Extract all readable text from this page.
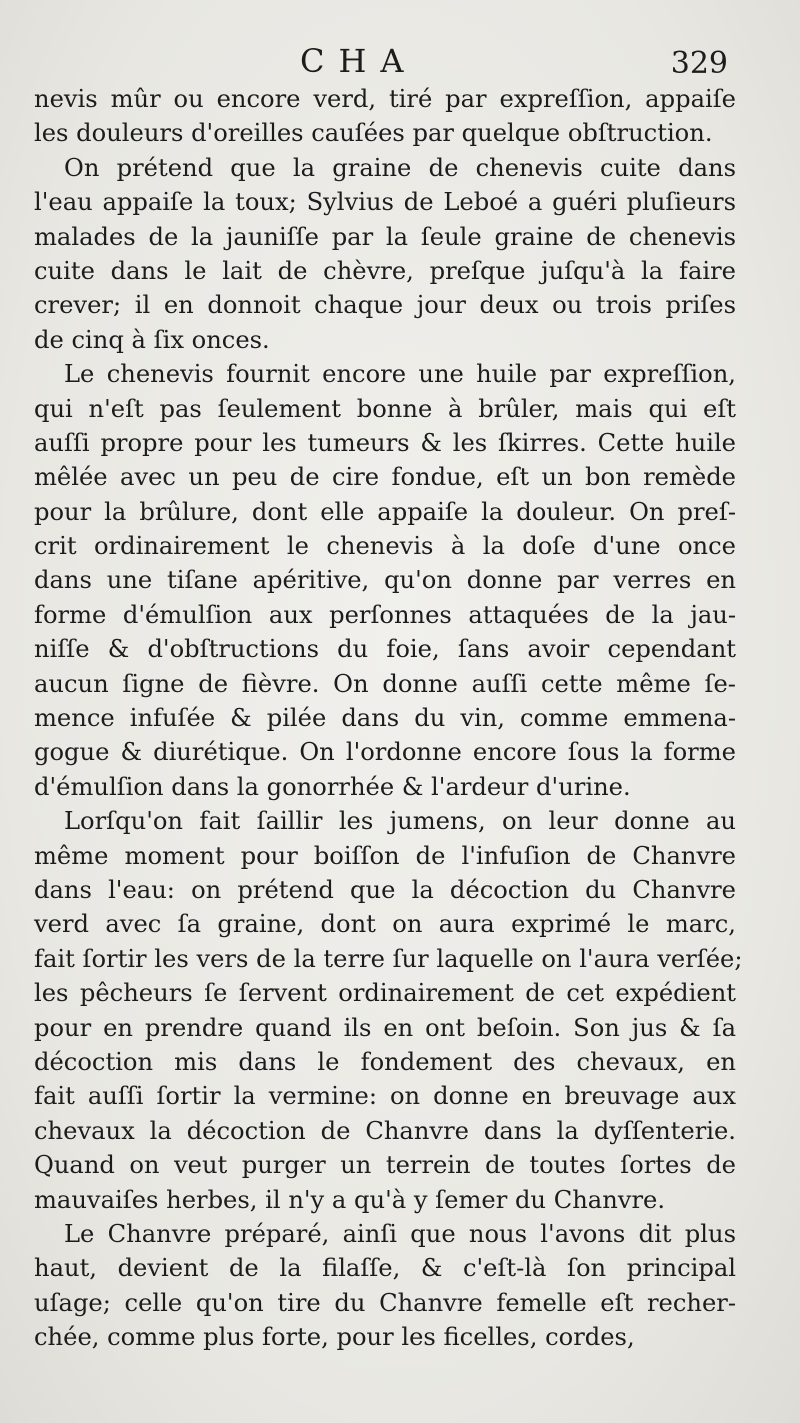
CHA	329
nevis mûr ou encore verd, tiré par expreſſion, appaiſe
les douleurs d'oreilles cauſées par quelque obſtruction.
On prétend que la graine de chenevis cuite dans
l'eau appaiſe la toux; Sylvius de Leboé a guéri pluſieurs
malades de la jauniſſe par la ſeule graine de chenevis
cuite dans le lait de chèvre, preſque juſqu'à la faire
crever; il en donnoit chaque jour deux ou trois priſes
de cinq à ſix onces.
Le chenevis fournit encore une huile par expreſſion,
qui n'eſt pas ſeulement bonne à brûler, mais qui eſt
auſſi propre pour les tumeurs & les ſkirres. Cette huile
mêlée avec un peu de cire fondue, eſt un bon remède
pour la brûlure, dont elle appaiſe la douleur. On preſ-
crit ordinairement le chenevis à la doſe d'une once
dans une tiſane apéritive, qu'on donne par verres en
forme d'émulſion aux perſonnes attaquées de la jau-
niſſe & d'obſtructions du foie, ſans avoir cependant
aucun ſigne de fièvre. On donne auſſi cette même ſe-
mence infuſée & pilée dans du vin, comme emmena-
gogue & diurétique. On l'ordonne encore ſous la forme
d'émulſion dans la gonorrhée & l'ardeur d'urine.
Lorſqu'on fait ſaillir les jumens, on leur donne au
même moment pour boiſſon de l'infuſion de Chanvre
dans l'eau: on prétend que la décoction du Chanvre
verd avec ſa graine, dont on aura exprimé le marc,
fait ſortir les vers de la terre ſur laquelle on l'aura verſée;
les pêcheurs ſe ſervent ordinairement de cet expédient
pour en prendre quand ils en ont beſoin. Son jus & ſa
décoction mis dans le fondement des chevaux, en
fait auſſi ſortir la vermine: on donne en breuvage aux
chevaux la décoction de Chanvre dans la dyſſenterie.
Quand on veut purger un terrein de toutes ſortes de
mauvaiſes herbes, il n'y a qu'à y ſemer du Chanvre.
Le Chanvre préparé, ainſi que nous l'avons dit plus
haut, devient de la filaſſe, & c'eſt-là ſon principal
uſage; celle qu'on tire du Chanvre femelle eſt recher-
chée, comme plus forte, pour les ficelles, cordes,
